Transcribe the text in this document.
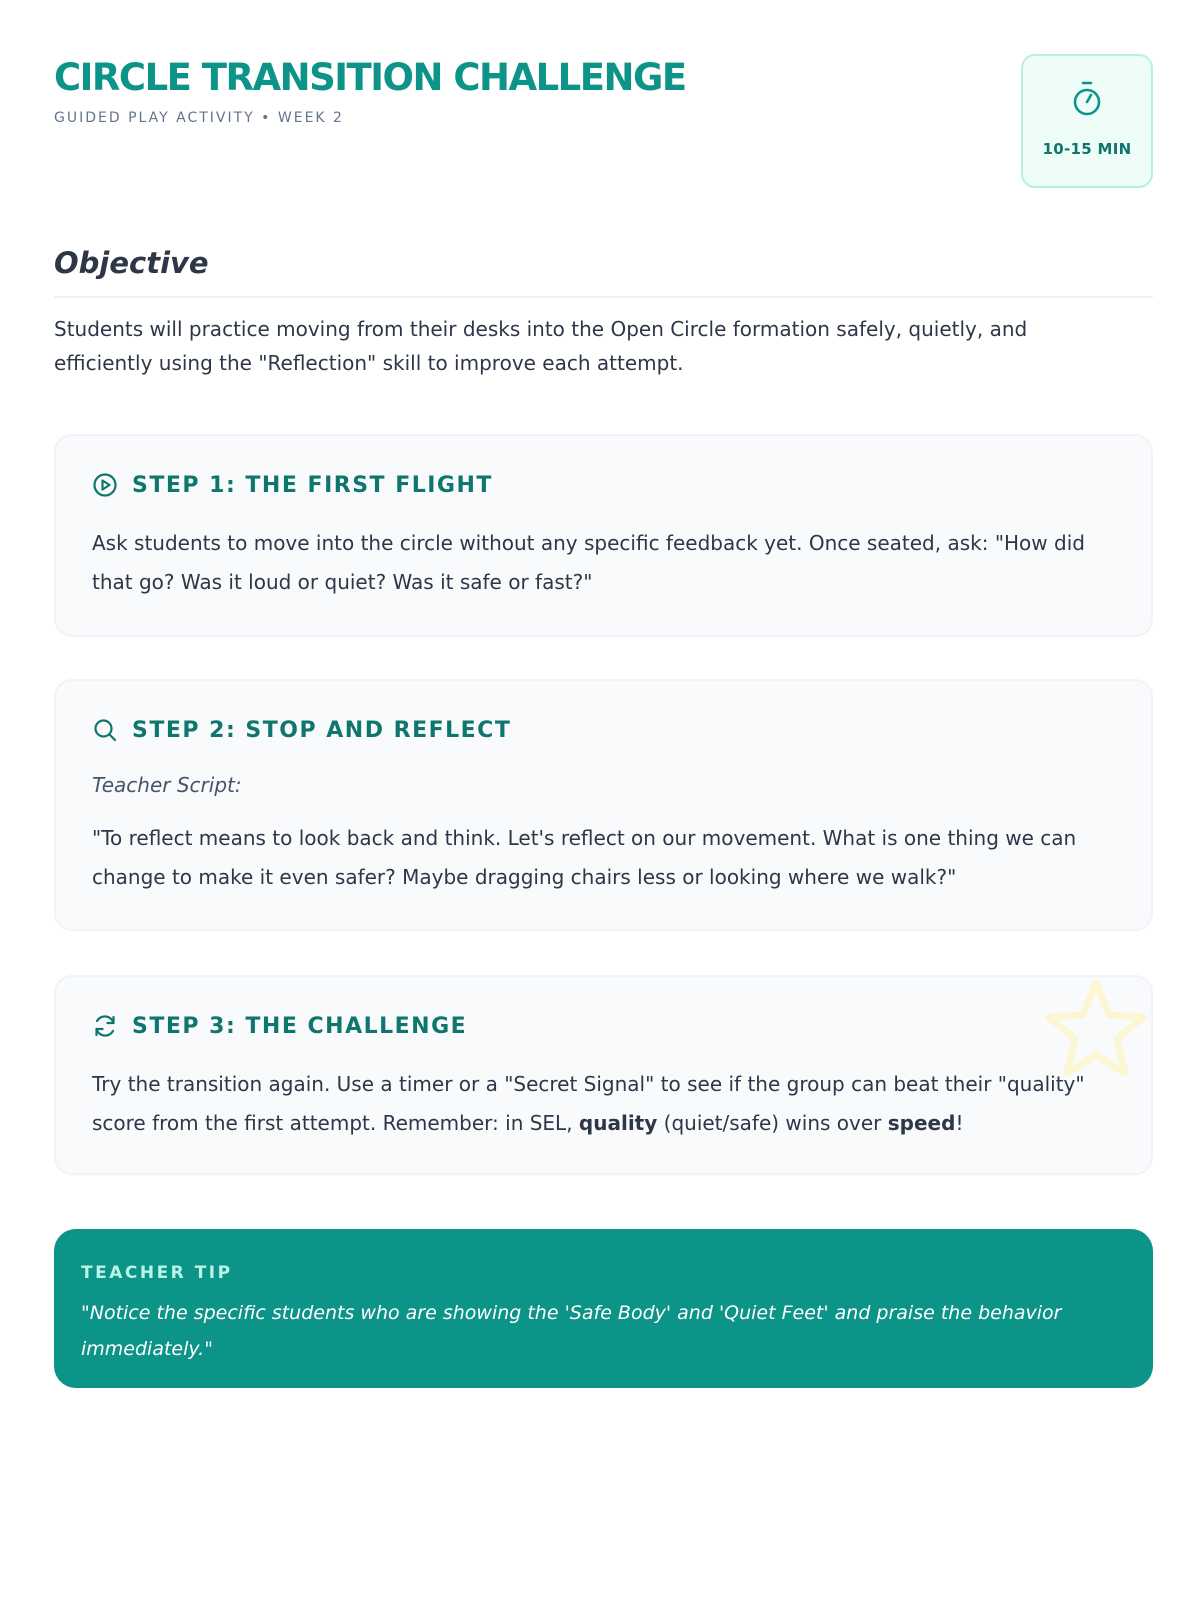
CIRCLE TRANSITION CHALLENGE
GUIDED PLAY ACTIVITY • WEEK 2
10-15 MIN
Objective
Students will practice moving from their desks into the Open Circle formation safely, quietly, and efficiently using the "Reflection" skill to improve each attempt.
STEP 1: THE FIRST FLIGHT
Ask students to move into the circle without any specific feedback yet. Once seated, ask: "How did that go? Was it loud or quiet? Was it safe or fast?"
STEP 2: STOP AND REFLECT
Teacher Script:
"To reflect means to look back and think. Let's reflect on our movement. What is one thing we can change to make it even safer? Maybe dragging chairs less or looking where we walk?"
STEP 3: THE CHALLENGE
Try the transition again. Use a timer or a "Secret Signal" to see if the group can beat their "quality" score from the first attempt. Remember: in SEL, quality (quiet/safe) wins over speed!
TEACHER TIP
"Notice the specific students who are showing the 'Safe Body' and 'Quiet Feet' and praise the behavior immediately."
